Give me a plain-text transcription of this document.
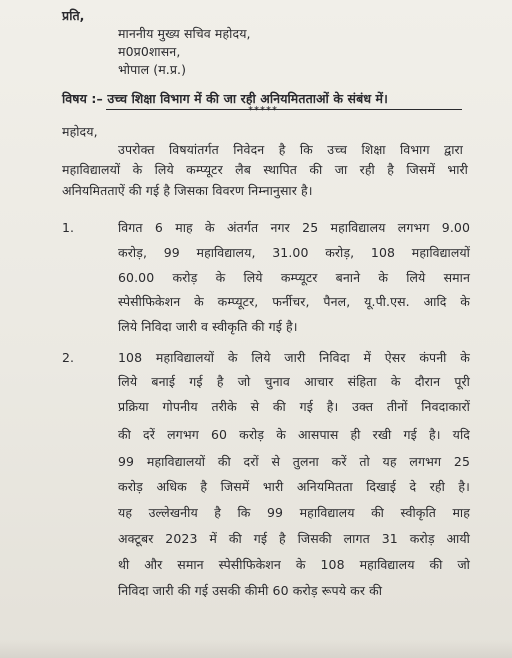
प्रति,
माननीय मुख्य सचिव महोदय,
म0प्र0शासन,
भोपाल (म.प्र.)
विषय :– उच्च शिक्षा विभाग में की जा रही अनियमितताओं के संबंध में।
*****
महोदय,
उपरोक्त विषयांतर्गत निवेदन है कि उच्च शिक्षा विभाग द्वारा
महाविद्यालयों के लिये कम्प्यूटर लैब स्थापित की जा रही है जिसमें भारी
अनियमितताऐं की गई है जिसका विवरण निम्नानुसार है।
1.	विगत 6 माह के अंतर्गत नगर 25 महाविद्यालय लगभग 9.00
करोड़, 99 महाविद्यालय, 31.00 करोड़, 108 महाविद्यालयों
60.00 करोड़ के लिये कम्प्यूटर बनाने के लिये समान
स्पेसीफिकेशन के कम्प्यूटर, फर्नीचर, पैनल, यू.पी.एस. आदि के
लिये निविदा जारी व स्वीकृति की गई है।
2.	108 महाविद्यालयों के लिये जारी निविदा में ऐसर कंपनी के
लिये बनाई गई है जो चुनाव आचार संहिता के दौरान पूरी
प्रक्रिया गोपनीय तरीके से की गई है। उक्त तीनों निवदाकारों
की दरें लगभग 60 करोड़ के आसपास ही रखी गई है। यदि
99 महाविद्यालयों की दरों से तुलना करें तो यह लगभग 25
करोड़ अधिक है जिसमें भारी अनियमितता दिखाई दे रही है।
यह उल्लेखनीय है कि 99 महाविद्यालय की स्वीकृति माह
अक्टूबर 2023 में की गई है जिसकी लागत 31 करोड़ आयी
थी और समान स्पेसीफिकेशन के 108 महाविद्यालय की जो
निविदा जारी की गई उसकी कीमी 60 करोड़ रूपये कर की
